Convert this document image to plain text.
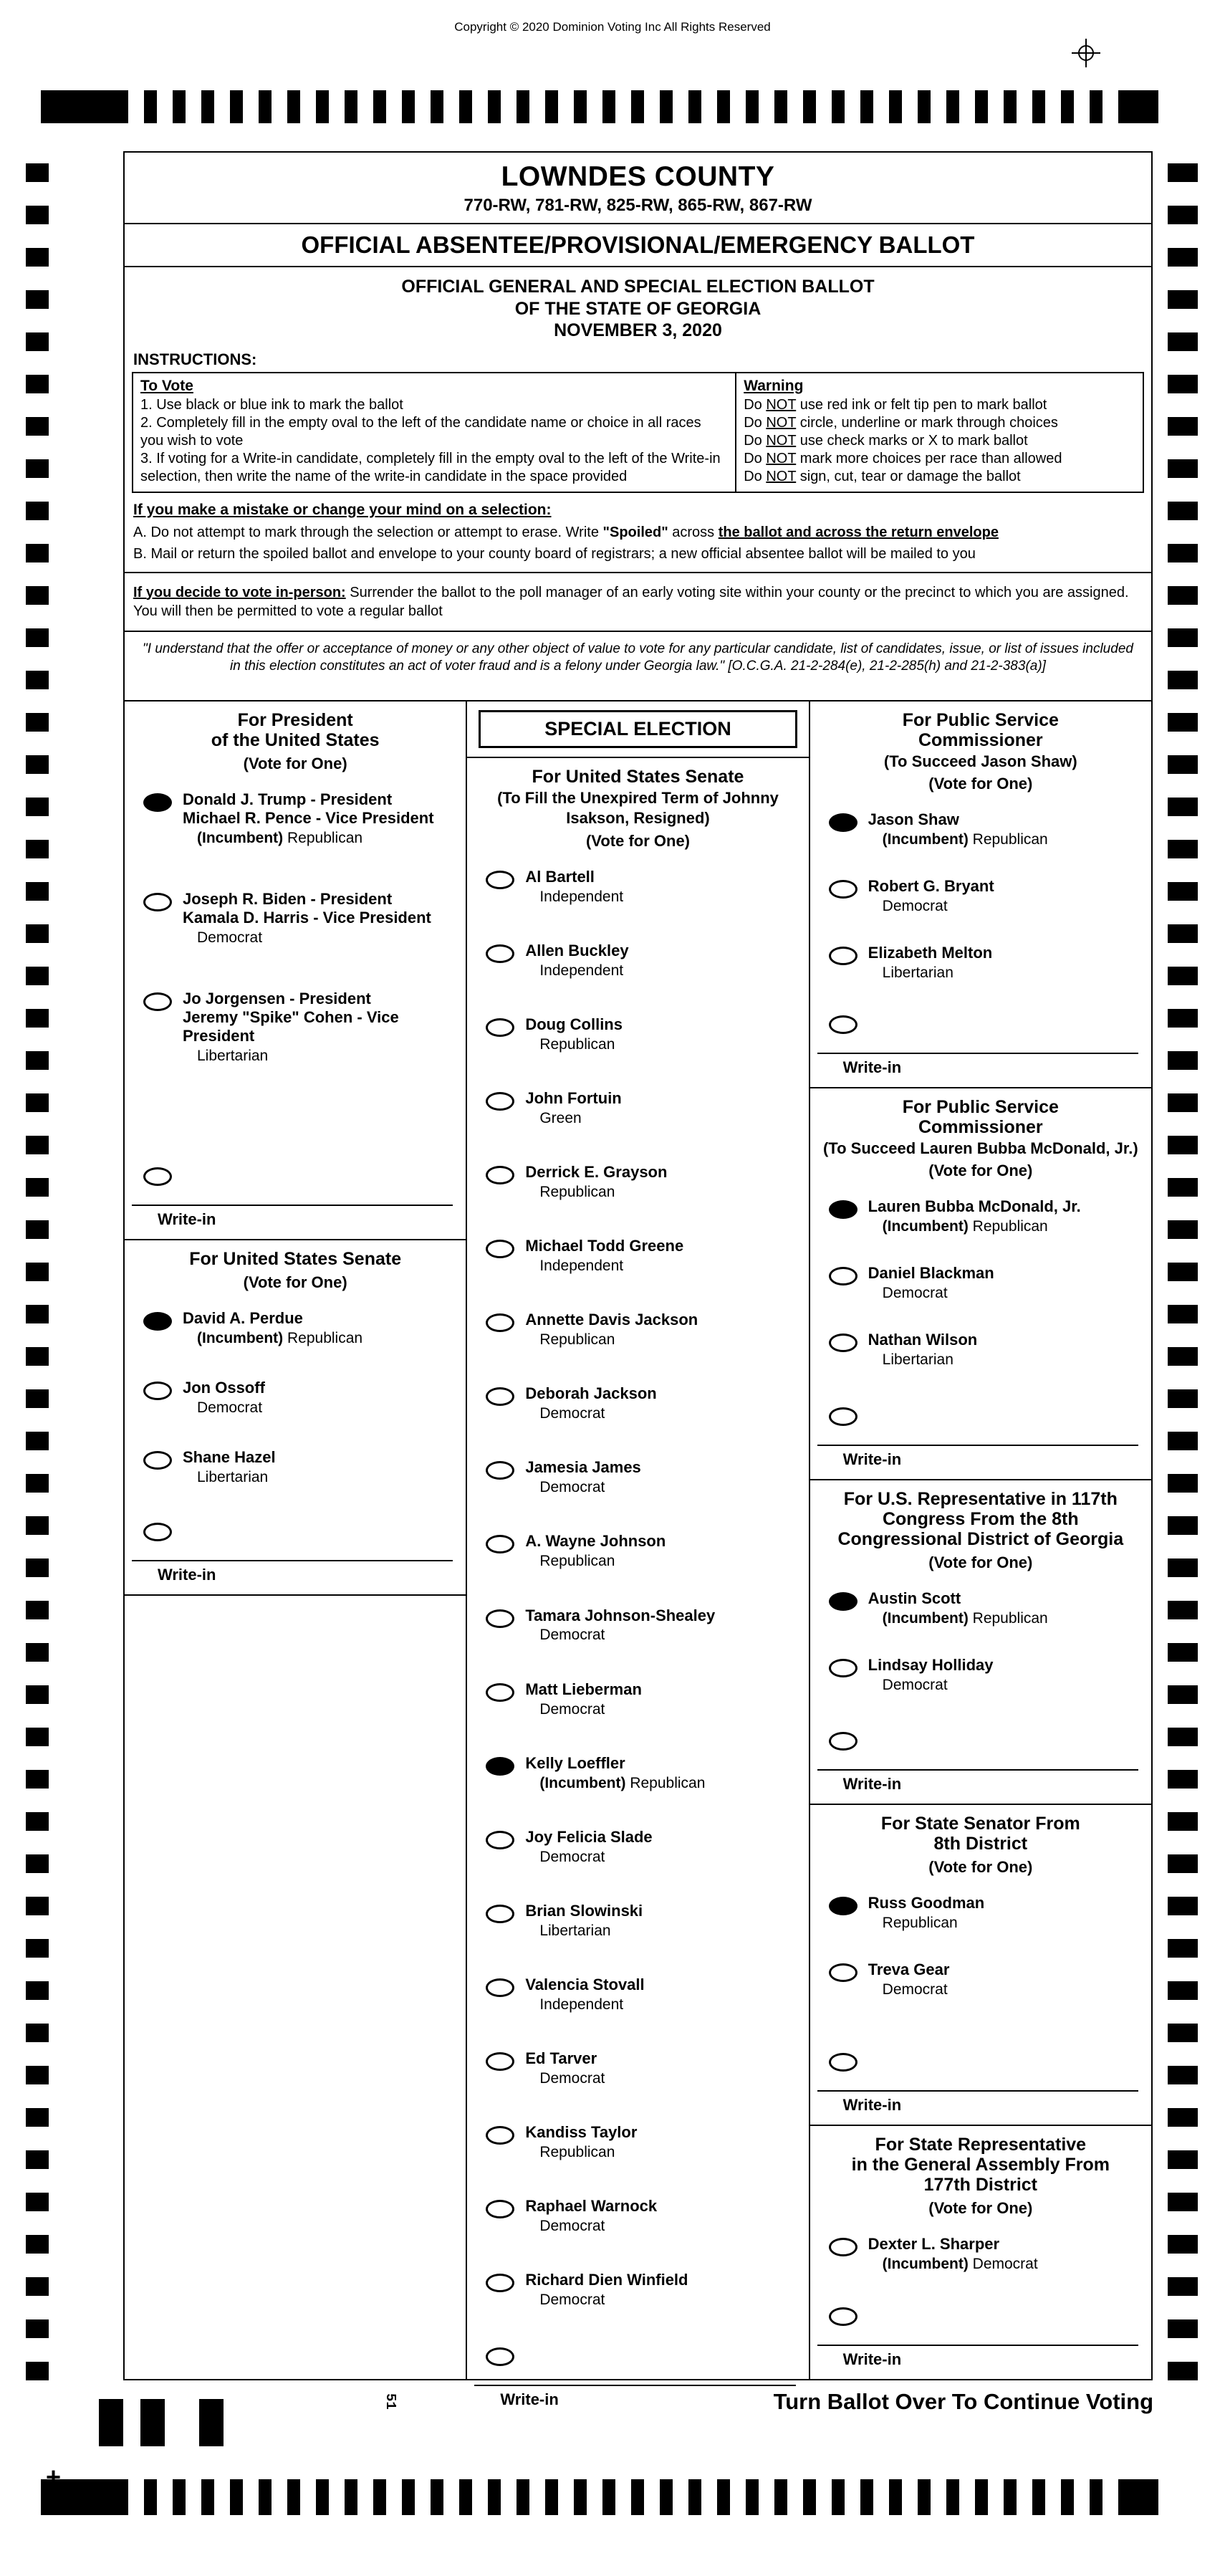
Copyright © 2020 Dominion Voting Inc All Rights Reserved
LOWNDES COUNTY
770-RW, 781-RW, 825-RW, 865-RW, 867-RW
OFFICIAL ABSENTEE/PROVISIONAL/EMERGENCY BALLOT
OFFICIAL GENERAL AND SPECIAL ELECTION BALLOT
OF THE STATE OF GEORGIA
NOVEMBER 3, 2020
INSTRUCTIONS:
To Vote
1. Use black or blue ink to mark the ballot
2. Completely fill in the empty oval to the left of the candidate name or choice in all races you wish to vote
3. If voting for a Write-in candidate, completely fill in the empty oval to the left of the Write-in selection, then write the name of the write-in candidate in the space provided
Warning
Do NOT use red ink or felt tip pen to mark ballot
Do NOT circle, underline or mark through choices
Do NOT use check marks or X to mark ballot
Do NOT mark more choices per race than allowed
Do NOT sign, cut, tear or damage the ballot
If you make a mistake or change your mind on a selection:
A. Do not attempt to mark through the selection or attempt to erase. Write "Spoiled" across the ballot and across the return envelope
B. Mail or return the spoiled ballot and envelope to your county board of registrars; a new official absentee ballot will be mailed to you
If you decide to vote in-person: Surrender the ballot to the poll manager of an early voting site within your county or the precinct to which you are assigned. You will then be permitted to vote a regular ballot
"I understand that the offer or acceptance of money or any other object of value to vote for any particular candidate, list of candidates, issue, or list of issues included in this election constitutes an act of voter fraud and is a felony under Georgia law." [O.C.G.A. 21-2-284(e), 21-2-285(h) and 21-2-383(a)]
For President
of the United States
(Vote for One)
Donald J. Trump - President
Michael R. Pence - Vice President
(Incumbent) Republican
Joseph R. Biden - President
Kamala D. Harris - Vice President
Democrat
Jo Jorgensen - President
Jeremy "Spike" Cohen - Vice President
Libertarian
Write-in
For United States Senate
(Vote for One)
David A. Perdue
(Incumbent) Republican
Jon Ossoff
Democrat
Shane Hazel
Libertarian
Write-in
SPECIAL ELECTION
For United States Senate
(To Fill the Unexpired Term of Johnny
Isakson, Resigned)
(Vote for One)
Al Bartell
Independent
Allen Buckley
Independent
Doug Collins
Republican
John Fortuin
Green
Derrick E. Grayson
Republican
Michael Todd Greene
Independent
Annette Davis Jackson
Republican
Deborah Jackson
Democrat
Jamesia James
Democrat
A. Wayne Johnson
Republican
Tamara Johnson-Shealey
Democrat
Matt Lieberman
Democrat
Kelly Loeffler
(Incumbent) Republican
Joy Felicia Slade
Democrat
Brian Slowinski
Libertarian
Valencia Stovall
Independent
Ed Tarver
Democrat
Kandiss Taylor
Republican
Raphael Warnock
Democrat
Richard Dien Winfield
Democrat
Write-in
For Public Service
Commissioner
(To Succeed Jason Shaw)
(Vote for One)
Jason Shaw
(Incumbent) Republican
Robert G. Bryant
Democrat
Elizabeth Melton
Libertarian
Write-in
For Public Service
Commissioner
(To Succeed Lauren Bubba McDonald, Jr.)
(Vote for One)
Lauren Bubba McDonald, Jr.
(Incumbent) Republican
Daniel Blackman
Democrat
Nathan Wilson
Libertarian
Write-in
For U.S. Representative in 117th
Congress From the 8th
Congressional District of Georgia
(Vote for One)
Austin Scott
(Incumbent) Republican
Lindsay Holliday
Democrat
Write-in
For State Senator From
8th District
(Vote for One)
Russ Goodman
Republican
Treva Gear
Democrat
Write-in
For State Representative
in the General Assembly From
177th District
(Vote for One)
Dexter L. Sharper
(Incumbent) Democrat
Write-in
51
+
Turn Ballot Over To Continue Voting
